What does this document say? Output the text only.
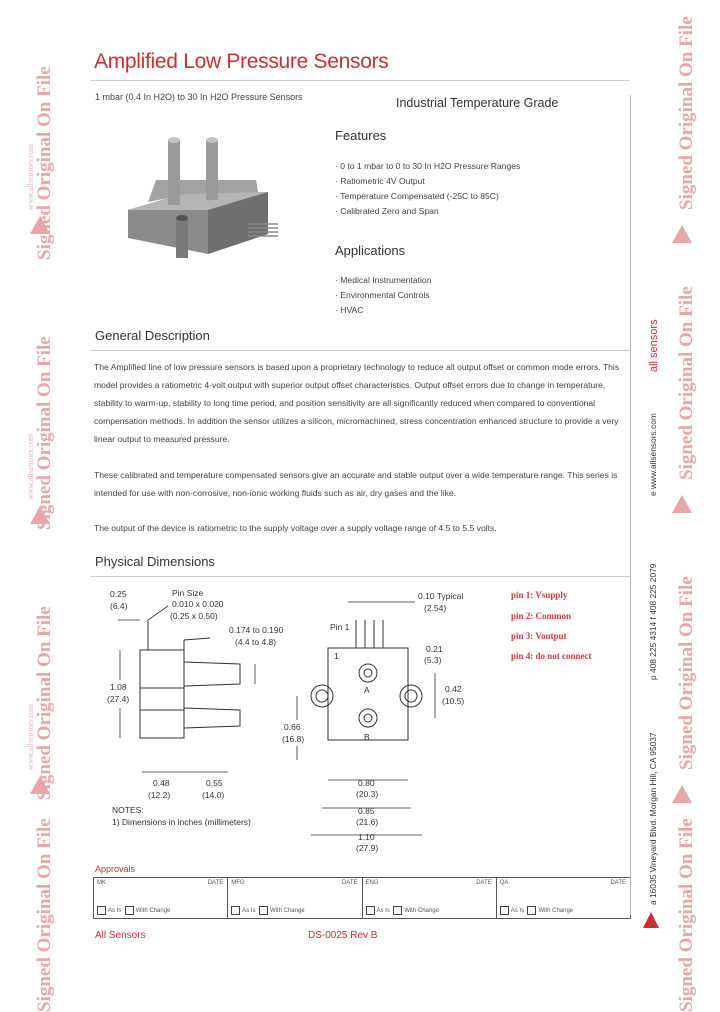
Signed Original On File
www.allsensors.com
Signed Original On File
www.allsensors.com
Signed Original On File
www.allsensors.com
Signed Original On File
Signed Original On File
Signed Original On File
Signed Original On File
Signed Original On File
Amplified Low Pressure Sensors
1 mbar (0.4 In H2O) to 30 In H2O Pressure Sensors	Industrial Temperature Grade
Features
· 0 to 1 mbar to 0 to 30 In H2O Pressure Ranges
· Ratiometric 4V Output
· Temperature Compensated (-25C to 85C)
· Calibrated Zero and Span
Applications
· Medical Instrumentation
· Environmental Controls
· HVAC
General Description
The Amplified line of low pressure sensors is based upon a proprietary technology to reduce all output offset or common mode errors. This model provides a ratiometric 4-volt output with superior output offset characteristics. Output offset errors due to change in temperature, stability to warm-up, stability to long time period, and position sensitivity are all significantly reduced when compared to conventional compensation methods. In addition the sensor utilizes a silicon, micromachined, stress concentration enhanced structure to provide a very linear output to measured pressure.
These calibrated and temperature compensated sensors give an accurate and stable output over a wide temperature range. This series is intended for use with non-corrosive, non-ionic working fluids such as air, dry gases and the like.
The output of the device is ratiometric to the supply voltage over a supply voltage range of 4.5 to 5.5 volts.
Physical Dimensions
0.25
(6.4)
Pin Size
0.010 x 0.020
(0.25 x 0.50)
0.174 to 0.190
(4.4 to 4.8)
1.08
(27.4)
0.48
(12.2)
0.55
(14.0)
NOTES:
1) Dimensions in inches (millimeters)
0.10 Typical
(2.54)
Pin 1
1
A
B
0.21
(5.3)
0.42
(10.5)
0.66
(16.8)
0.80
(20.3)
0.85
(21.6)
1.10
(27.9)
pin 1: Vsupply
pin 2: Common
pin 3: Voutput
pin 4: do not connect
Approvals
MK	DATE
As Is With Change
MFG	DATE
As Is With Change
ENG	DATE
As Is With Change
QA	DATE
As Is With Change
All Sensors	DS-0025 Rev B
all sensors
e www.allsensors.com
p 408 225 4314 f 408 225 2079
a 16035 Vineyard Blvd. Morgan Hill, CA 95037
